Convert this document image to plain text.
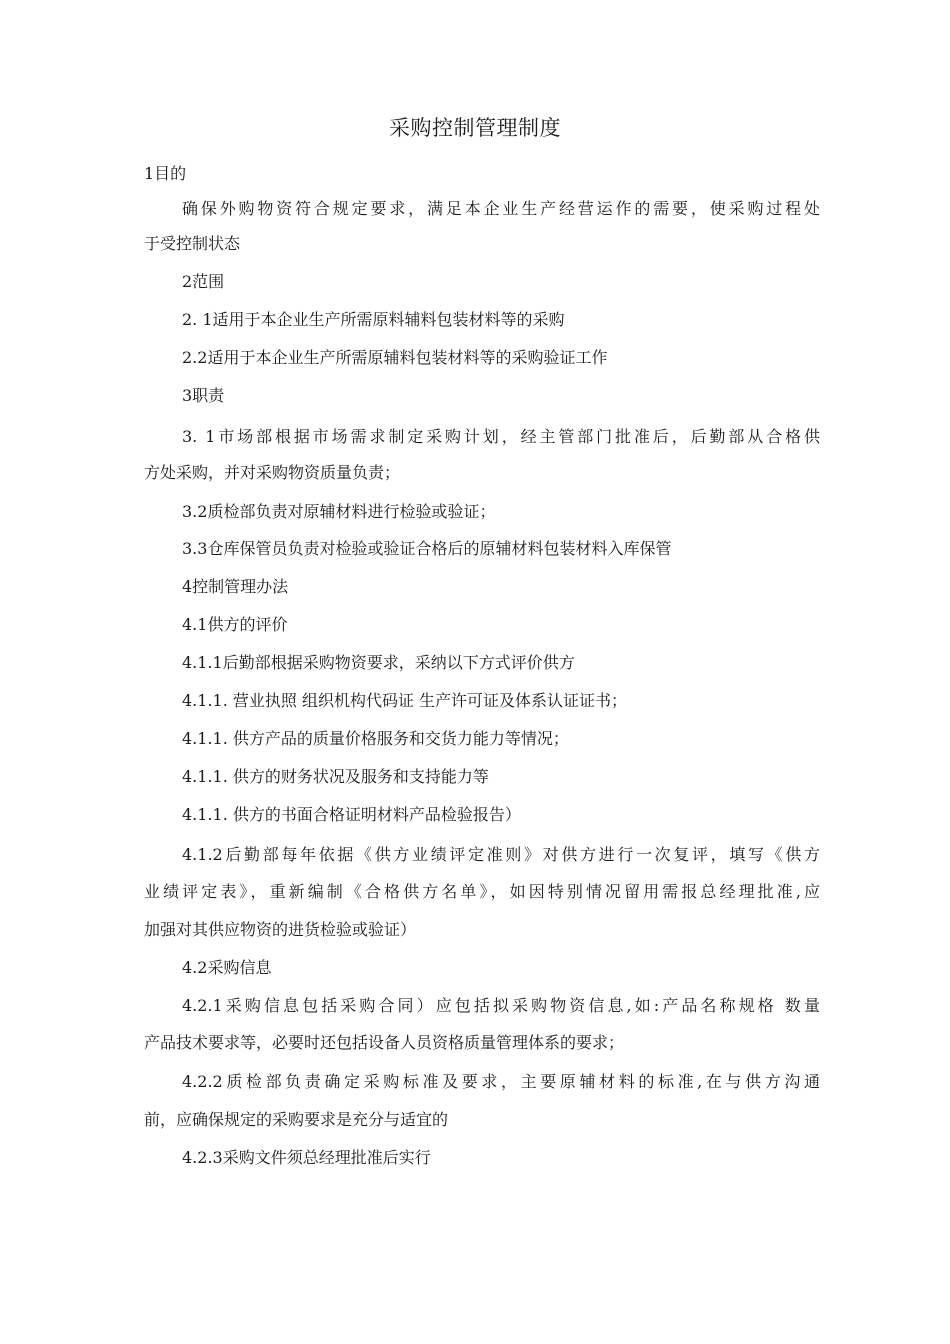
采购控制管理制度
1目的
确保外购物资符合规定要求，满足本企业生产经营运作的需要，使采购过程处
于受控制状态
2范围
2. 1适用于本企业生产所需原料辅料包装材料等的采购
2.2适用于本企业生产所需原辅料包装材料等的采购验证工作
3职责
3. 1市场部根据市场需求制定采购计划，经主管部门批准后，后勤部从合格供
方处采购，并对采购物资质量负责；
3.2质检部负责对原辅材料进行检验或验证；
3.3仓库保管员负责对检验或验证合格后的原辅材料包装材料入库保管
4控制管理办法
4.1供方的评价
4.1.1后勤部根据采购物资要求，采纳以下方式评价供方
4.1.1. 营业执照 组织机构代码证 生产许可证及体系认证证书；
4.1.1. 供方产品的质量价格服务和交货力能力等情况；
4.1.1. 供方的财务状况及服务和支持能力等
4.1.1. 供方的书面合格证明材料产品检验报告）
4.1.2后勤部每年依据《供方业绩评定准则》对供方进行一次复评，填写《供方
业绩评定表》，重新编制《合格供方名单》，如因特别情况留用需报总经理批准,应
加强对其供应物资的进货检验或验证）
4.2采购信息
4.2.1采购信息包括采购合同）应包括拟采购物资信息,如:产品名称规格 数量
产品技术要求等，必要时还包括设备人员资格质量管理体系的要求；
4.2.2质检部负责确定采购标准及要求，主要原辅材料的标准,在与供方沟通
前，应确保规定的采购要求是充分与适宜的
4.2.3采购文件须总经理批准后实行
